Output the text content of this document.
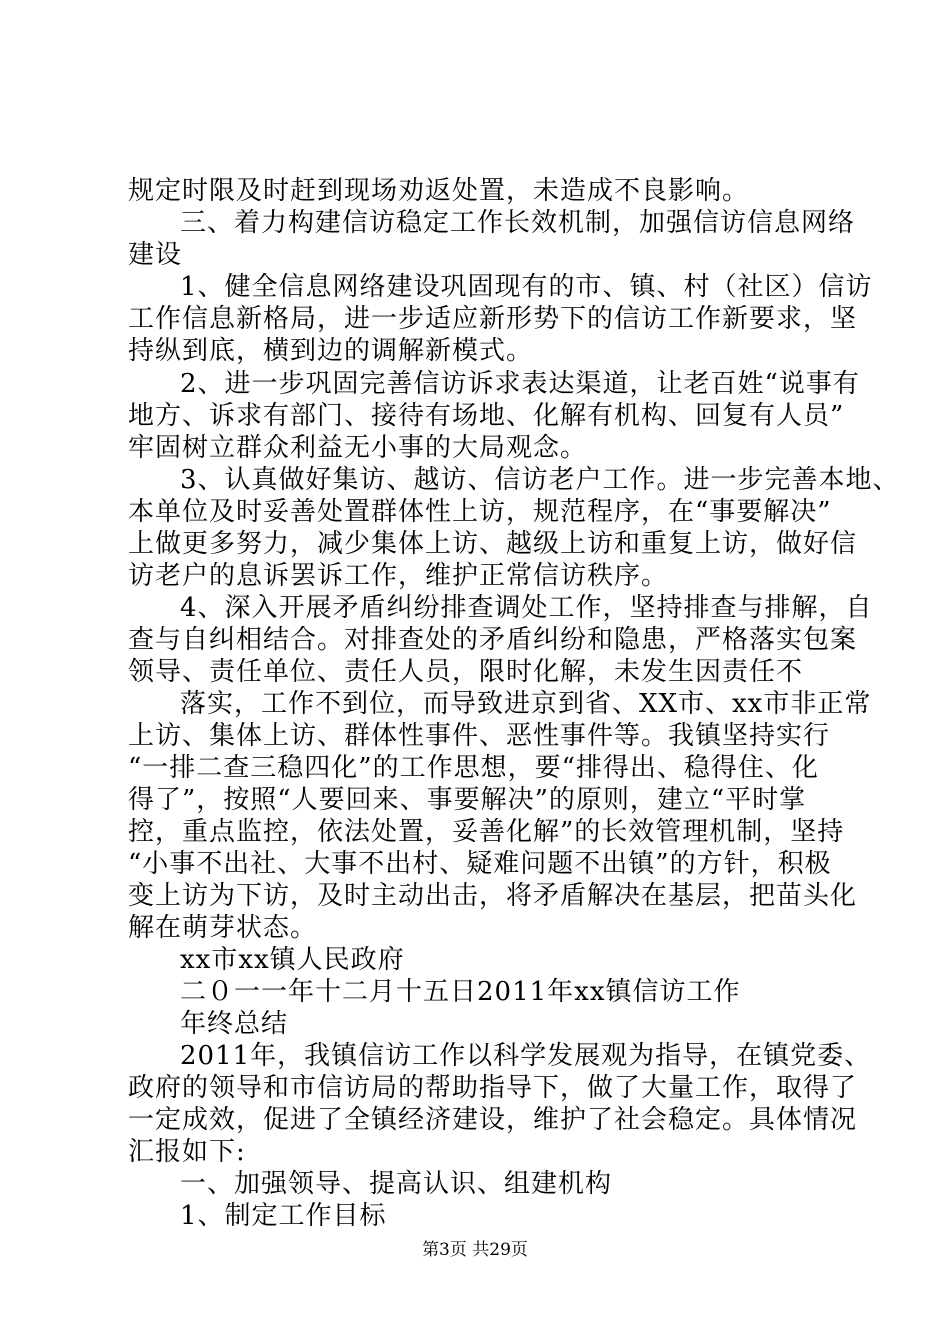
规定时限及时赶到现场劝返处置，未造成不良影响。
三、着力构建信访稳定工作长效机制，加强信访信息网络
建设
1、健全信息网络建设巩固现有的市、镇、村（社区）信访
工作信息新格局，进一步适应新形势下的信访工作新要求，坚
持纵到底，横到边的调解新模式。
2、进一步巩固完善信访诉求表达渠道，让老百姓“说事有
地方、诉求有部门、接待有场地、化解有机构、回复有人员”
牢固树立群众利益无小事的大局观念。
3、认真做好集访、越访、信访老户工作。进一步完善本地、
本单位及时妥善处置群体性上访，规范程序，在“事要解决”
上做更多努力，减少集体上访、越级上访和重复上访，做好信
访老户的息诉罢诉工作，维护正常信访秩序。
4、深入开展矛盾纠纷排查调处工作，坚持排查与排解，自
查与自纠相结合。对排查处的矛盾纠纷和隐患，严格落实包案
领导、责任单位、责任人员，限时化解，未发生因责任不
落实，工作不到位，而导致进京到省、XX市、xx市非正常
上访、集体上访、群体性事件、恶性事件等。我镇坚持实行
“一排二查三稳四化”的工作思想，要“排得出、稳得住、化
得了”，按照“人要回来、事要解决”的原则，建立“平时掌
控，重点监控，依法处置，妥善化解”的长效管理机制，坚持
“小事不出社、大事不出村、疑难问题不出镇”的方针，积极
变上访为下访，及时主动出击，将矛盾解决在基层，把苗头化
解在萌芽状态。
xx市xx镇人民政府
二０一一年十二月十五日2011年xx镇信访工作
年终总结
2011年，我镇信访工作以科学发展观为指导，在镇党委、
政府的领导和市信访局的帮助指导下，做了大量工作，取得了
一定成效，促进了全镇经济建设，维护了社会稳定。具体情况
汇报如下:
一、加强领导、提高认识、组建机构
1、制定工作目标
第3页 共29页
